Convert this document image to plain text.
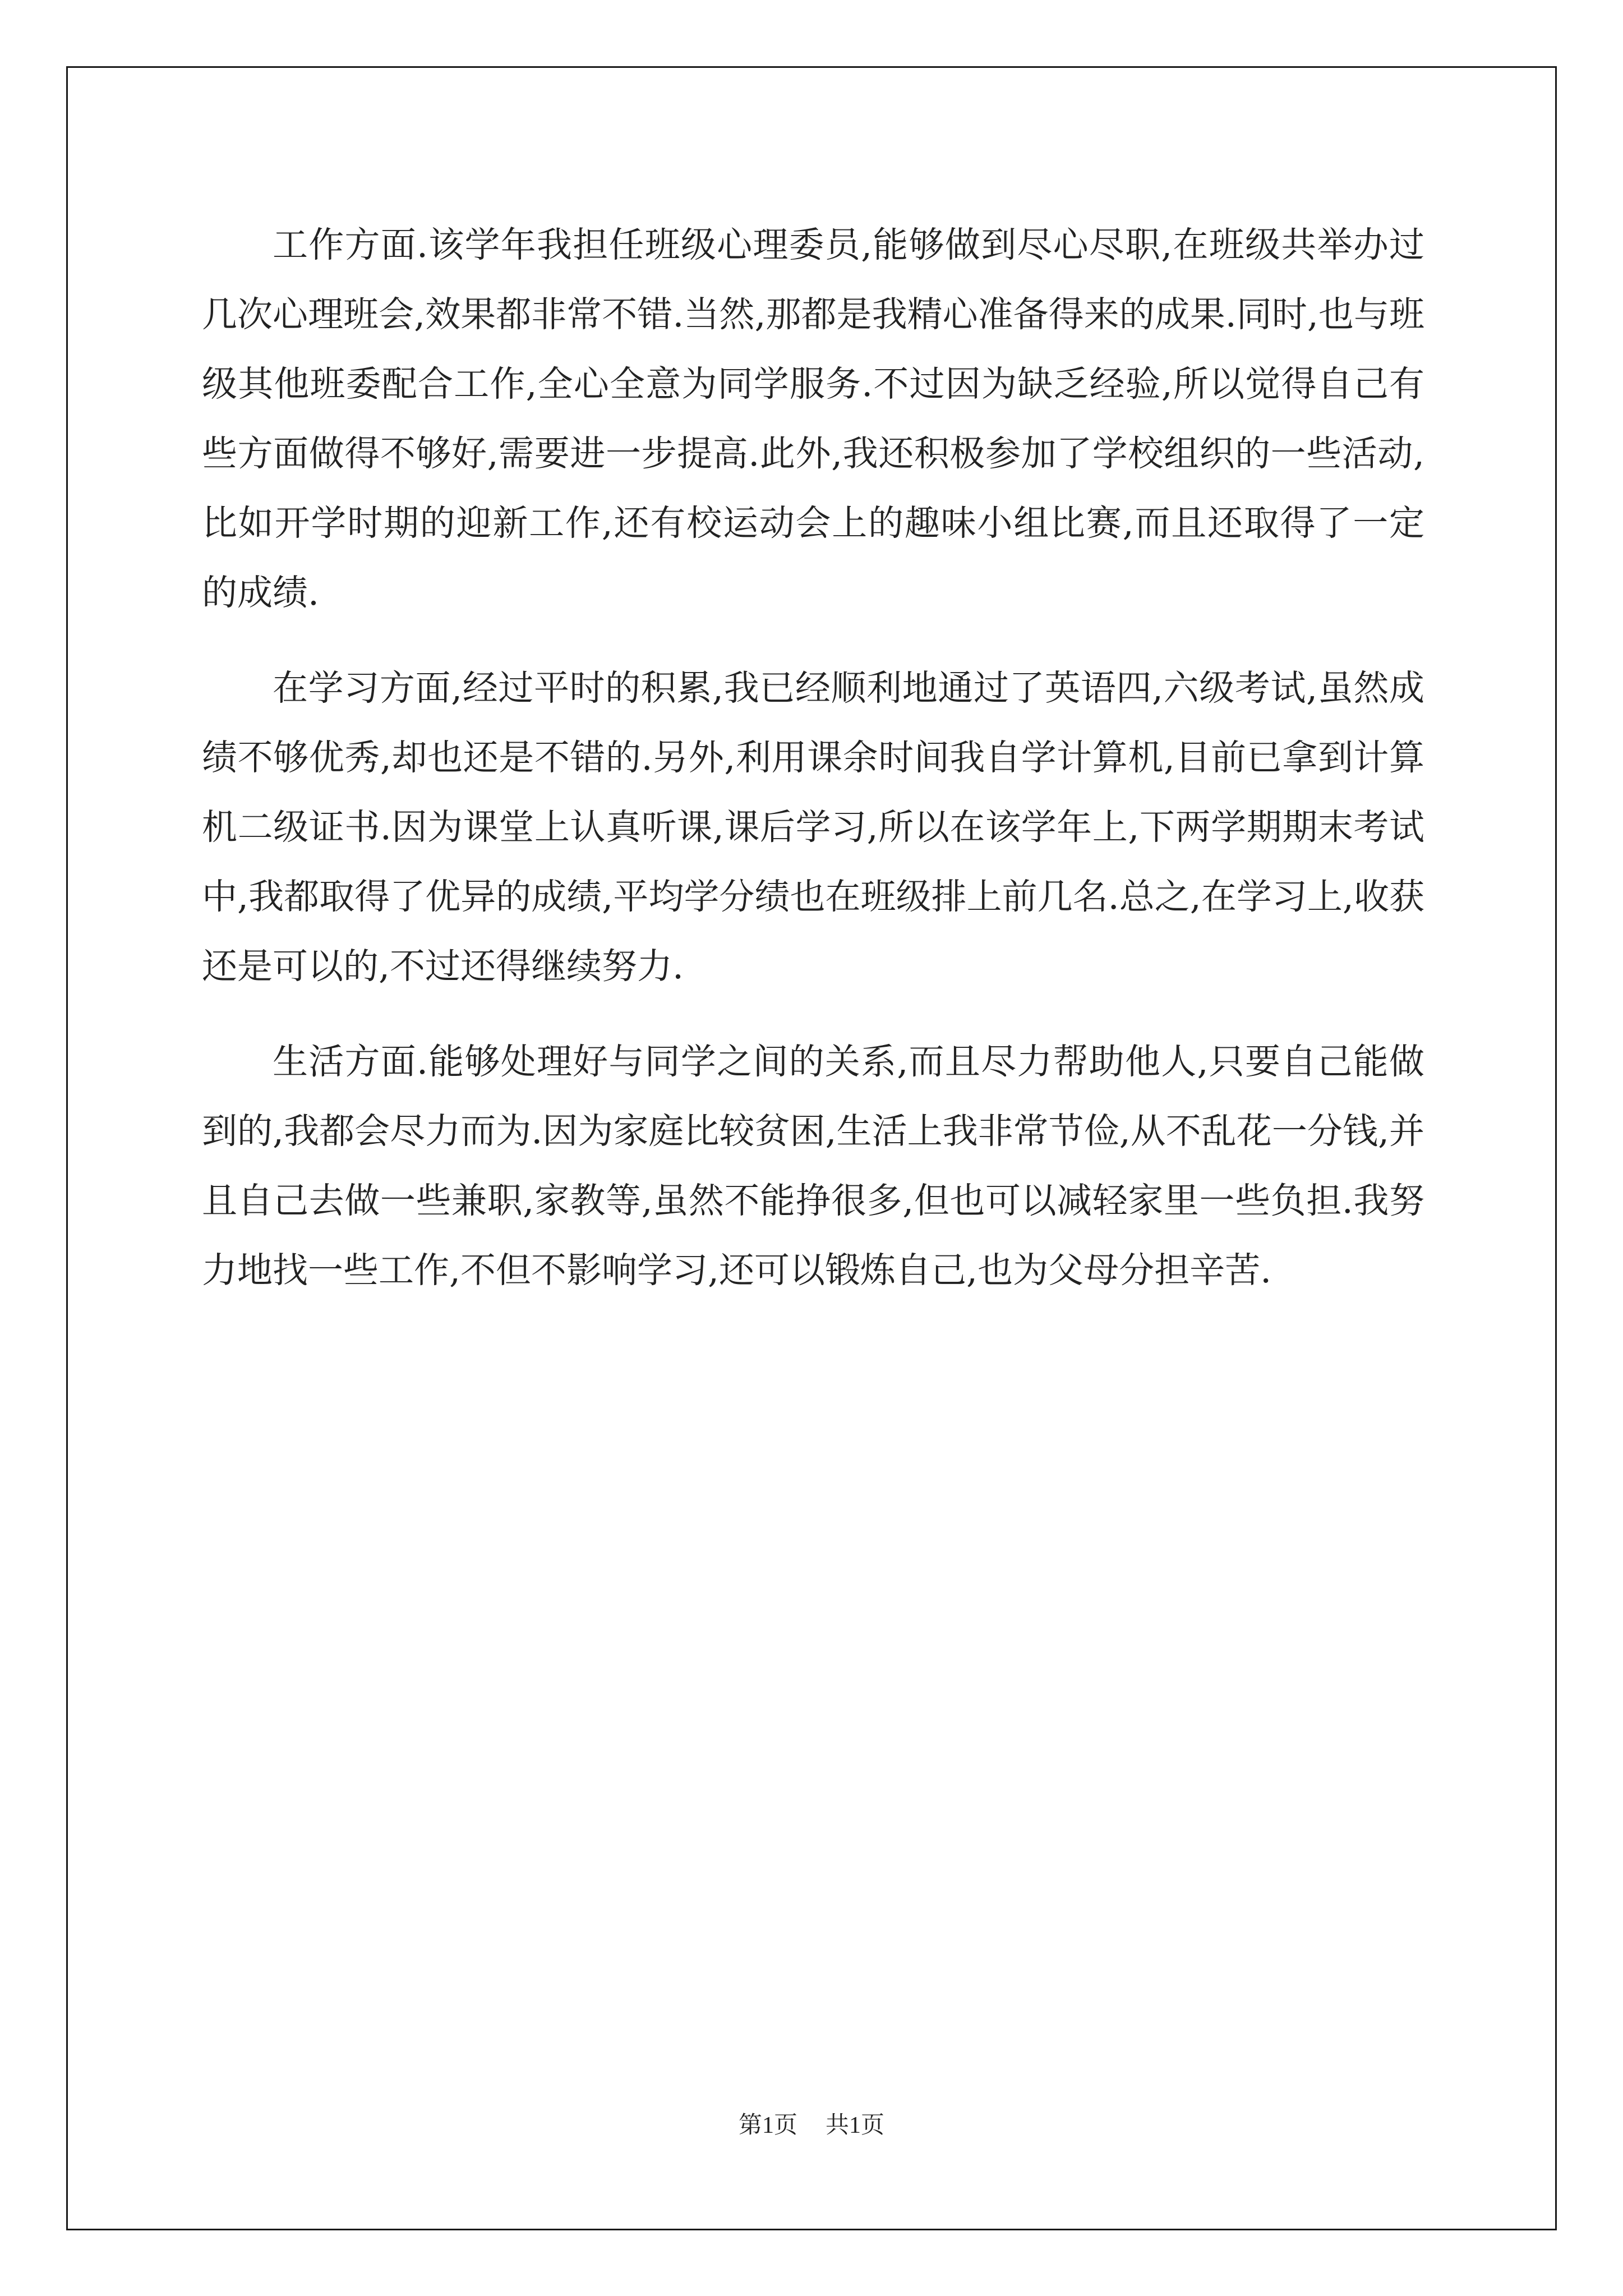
工作方面.该学年我担任班级心理委员,能够做到尽心尽职,在班级共举办过几次心理班会,效果都非常不错.当然,那都是我精心准备得来的成果.同时,也与班级其他班委配合工作,全心全意为同学服务.不过因为缺乏经验,所以觉得自己有些方面做得不够好,需要进一步提高.此外,我还积极参加了学校组织的一些活动,比如开学时期的迎新工作,还有校运动会上的趣味小组比赛,而且还取得了一定的成绩.

在学习方面,经过平时的积累,我已经顺利地通过了英语四,六级考试,虽然成绩不够优秀,却也还是不错的.另外,利用课余时间我自学计算机,目前已拿到计算机二级证书.因为课堂上认真听课,课后学习,所以在该学年上,下两学期期末考试中,我都取得了优异的成绩,平均学分绩也在班级排上前几名.总之,在学习上,收获还是可以的,不过还得继续努力.

生活方面.能够处理好与同学之间的关系,而且尽力帮助他人,只要自己能做到的,我都会尽力而为.因为家庭比较贫困,生活上我非常节俭,从不乱花一分钱,并且自己去做一些兼职,家教等,虽然不能挣很多,但也可以减轻家里一些负担.我努力地找一些工作,不但不影响学习,还可以锻炼自己,也为父母分担辛苦.

第1页 共1页
